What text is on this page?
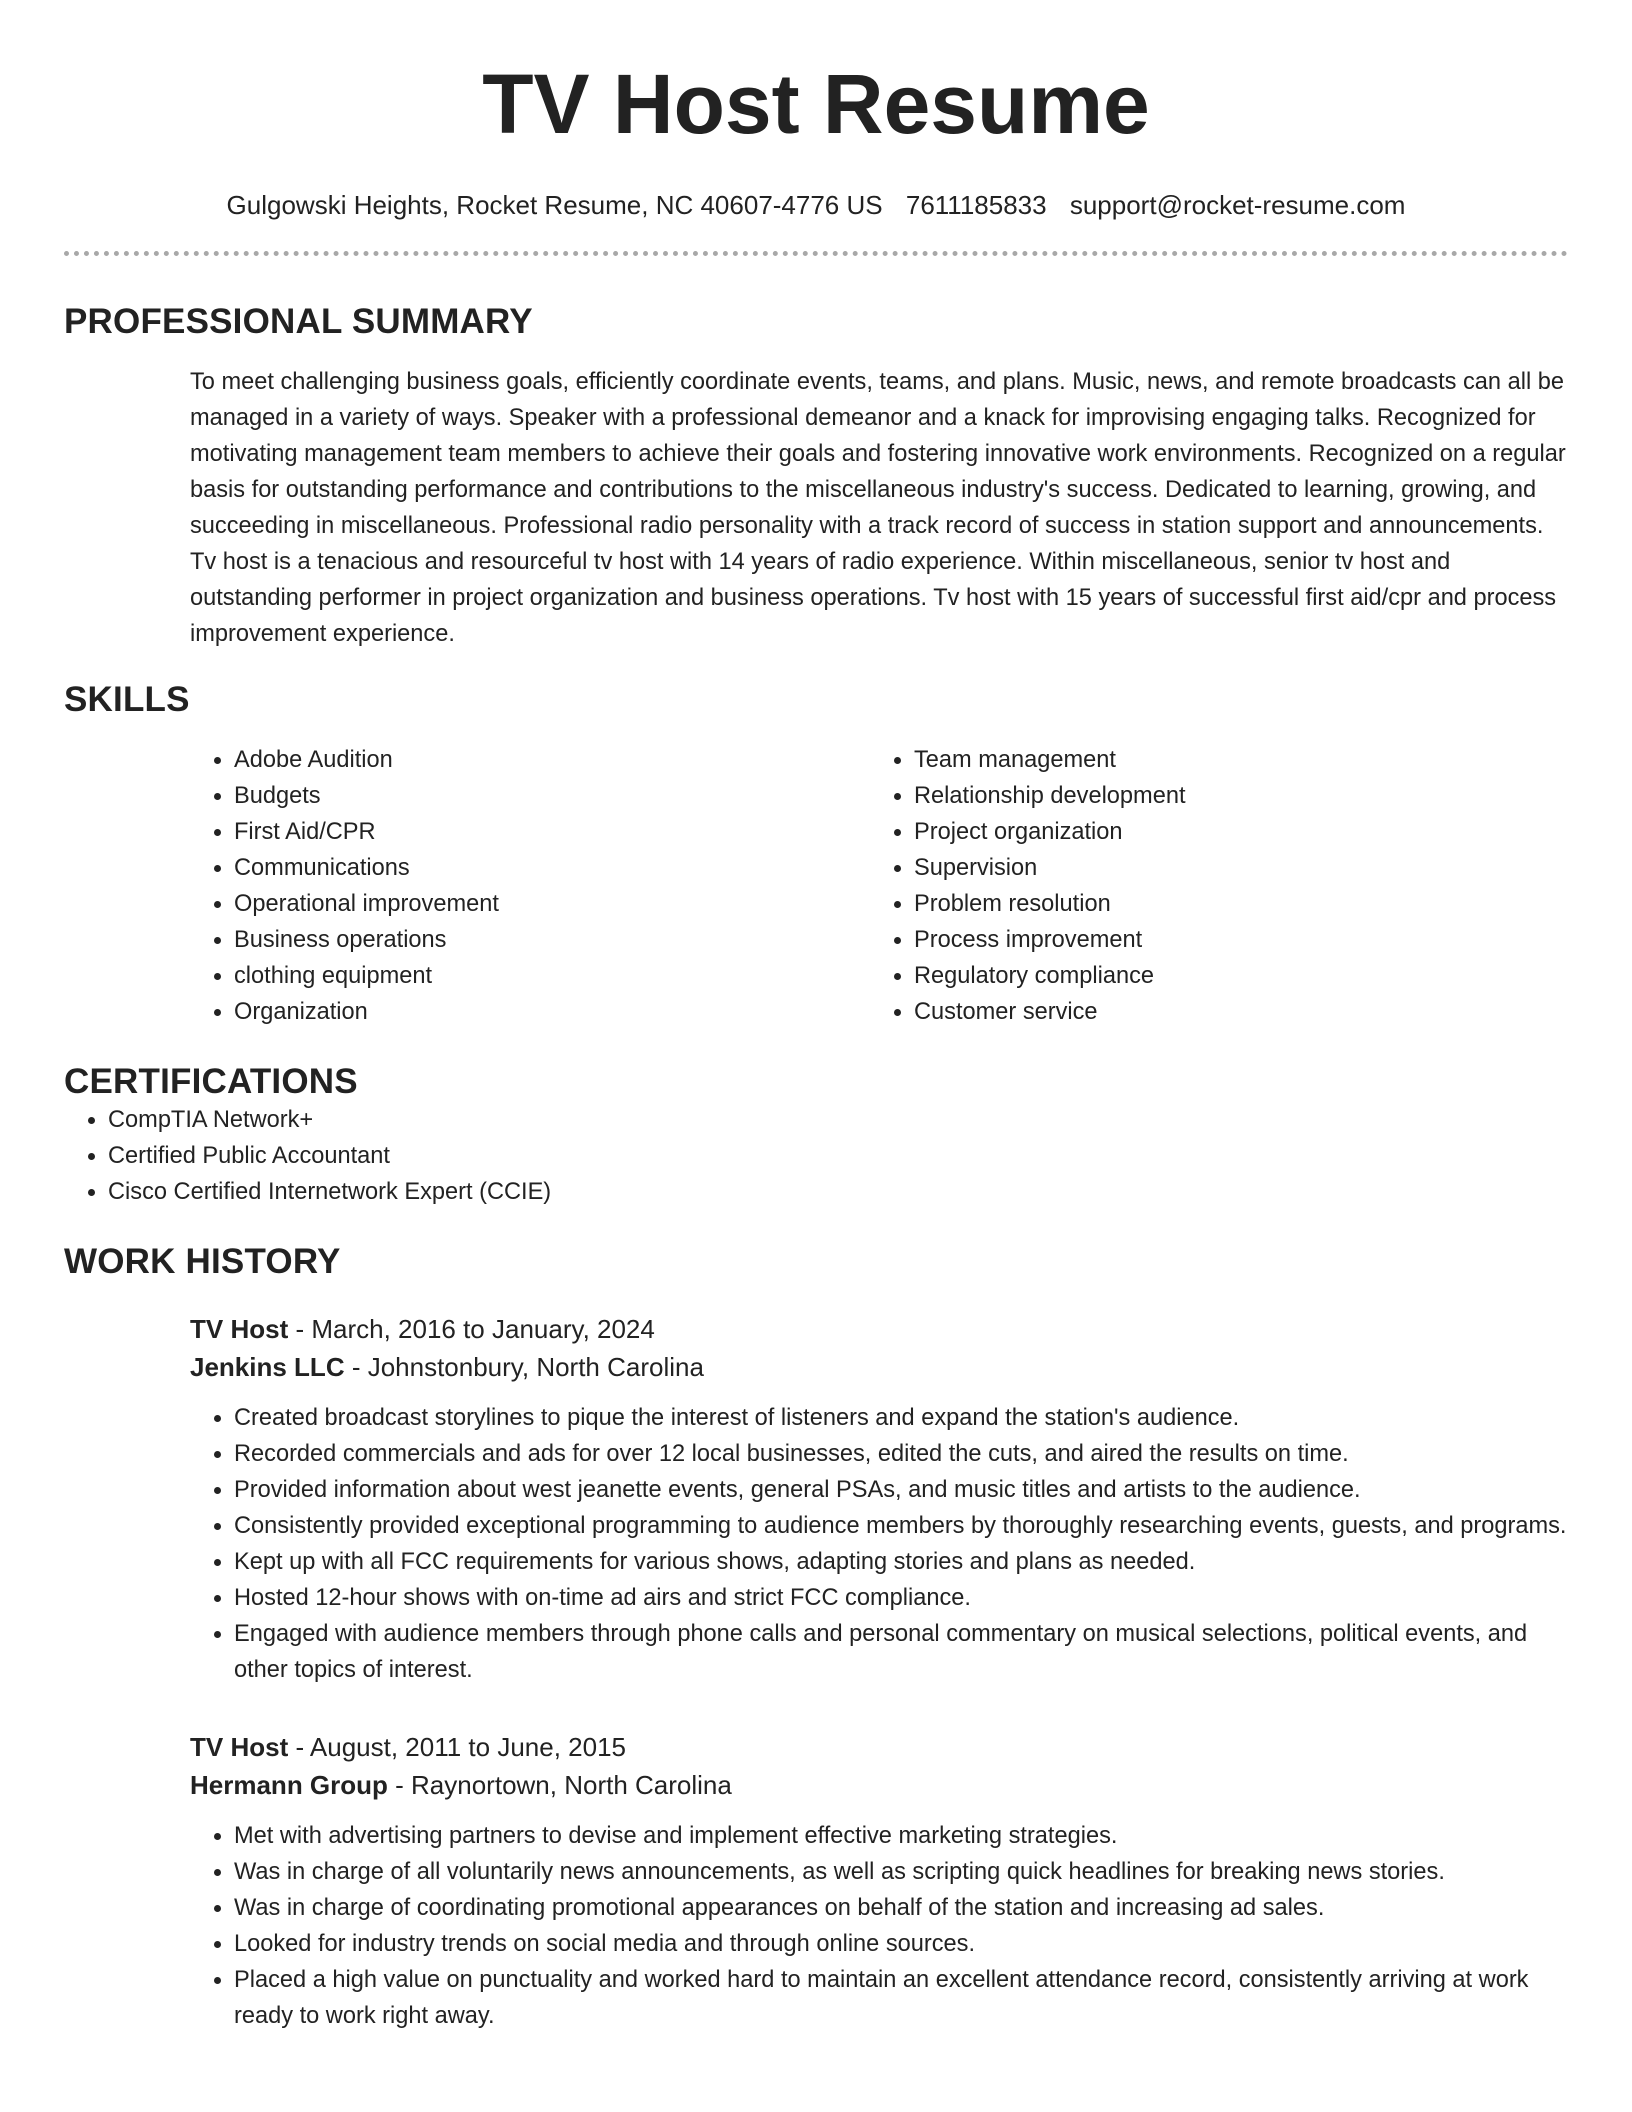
TV Host Resume
Gulgowski Heights, Rocket Resume, NC 40607-4776 US 7611185833 support@rocket-resume.com
PROFESSIONAL SUMMARY
To meet challenging business goals, efficiently coordinate events, teams, and plans. Music, news, and remote broadcasts can all be managed in a variety of ways. Speaker with a professional demeanor and a knack for improvising engaging talks. Recognized for motivating management team members to achieve their goals and fostering innovative work environments. Recognized on a regular basis for outstanding performance and contributions to the miscellaneous industry's success. Dedicated to learning, growing, and succeeding in miscellaneous. Professional radio personality with a track record of success in station support and announcements. Tv host is a tenacious and resourceful tv host with 14 years of radio experience. Within miscellaneous, senior tv host and outstanding performer in project organization and business operations. Tv host with 15 years of successful first aid/cpr and process improvement experience.
SKILLS
• Adobe Audition
• Budgets
• First Aid/CPR
• Communications
• Operational improvement
• Business operations
• clothing equipment
• Organization
• Team management
• Relationship development
• Project organization
• Supervision
• Problem resolution
• Process improvement
• Regulatory compliance
• Customer service
CERTIFICATIONS
• CompTIA Network+
• Certified Public Accountant
• Cisco Certified Internetwork Expert (CCIE)
WORK HISTORY
TV Host - March, 2016 to January, 2024
Jenkins LLC - Johnstonbury, North Carolina
• Created broadcast storylines to pique the interest of listeners and expand the station's audience.
• Recorded commercials and ads for over 12 local businesses, edited the cuts, and aired the results on time.
• Provided information about west jeanette events, general PSAs, and music titles and artists to the audience.
• Consistently provided exceptional programming to audience members by thoroughly researching events, guests, and programs.
• Kept up with all FCC requirements for various shows, adapting stories and plans as needed.
• Hosted 12-hour shows with on-time ad airs and strict FCC compliance.
• Engaged with audience members through phone calls and personal commentary on musical selections, political events, and other topics of interest.
TV Host - August, 2011 to June, 2015
Hermann Group - Raynortown, North Carolina
• Met with advertising partners to devise and implement effective marketing strategies.
• Was in charge of all voluntarily news announcements, as well as scripting quick headlines for breaking news stories.
• Was in charge of coordinating promotional appearances on behalf of the station and increasing ad sales.
• Looked for industry trends on social media and through online sources.
• Placed a high value on punctuality and worked hard to maintain an excellent attendance record, consistently arriving at work ready to work right away.
